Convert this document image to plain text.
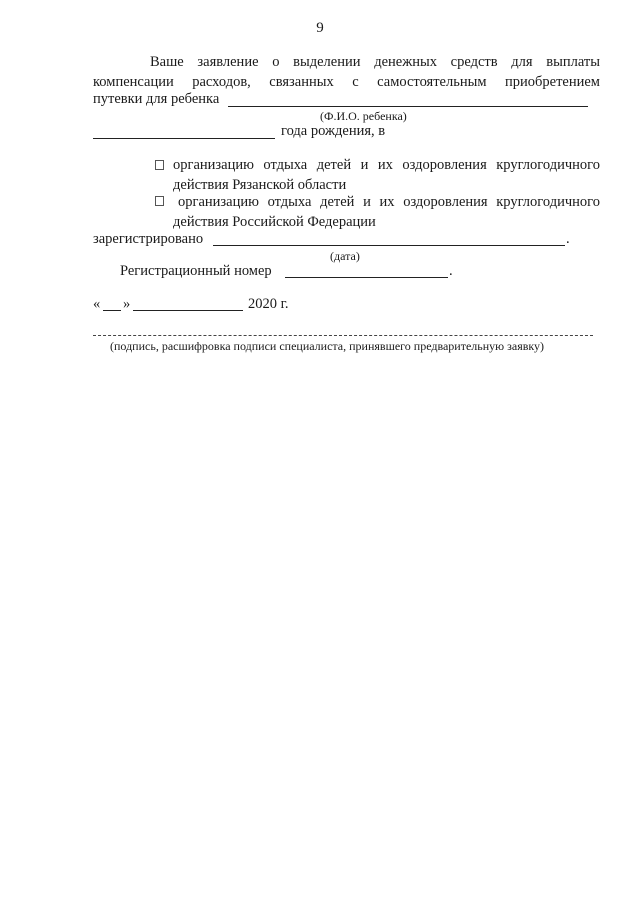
9
Ваше заявление о выделении денежных средств для выплаты
компенсации расходов, связанных с самостоятельным приобретением
путевки для ребенка
(Ф.И.О. ребенка)
года рождения, в
организацию отдыха детей и их оздоровления круглогодичного
действия Рязанской области
организацию отдыха детей и их оздоровления круглогодичного
действия Российской Федерации
зарегистрировано	.
(дата)
Регистрационный номер	.
« »	2020 г.
(подпись, расшифровка подписи специалиста, принявшего предварительную заявку)
